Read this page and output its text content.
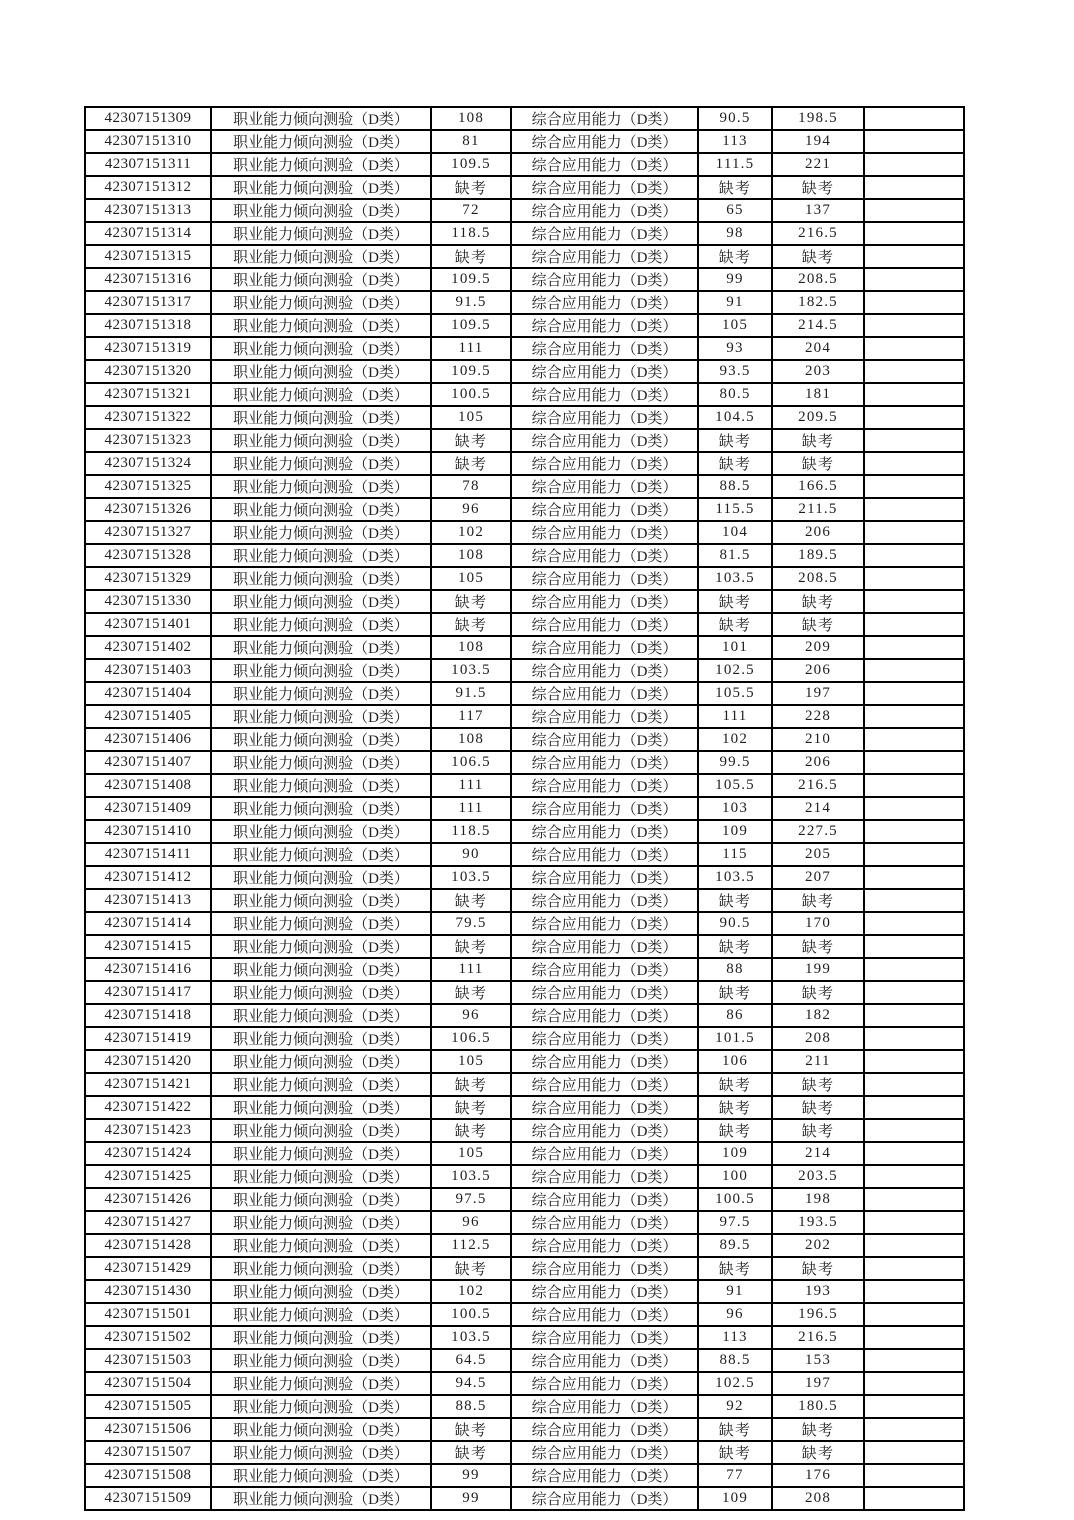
42307151309	职业能力倾向测验（D类）	108	综合应用能力（D类）	90.5	198.5	
42307151310	职业能力倾向测验（D类）	81	综合应用能力（D类）	113	194	
42307151311	职业能力倾向测验（D类）	109.5	综合应用能力（D类）	111.5	221	
42307151312	职业能力倾向测验（D类）	缺考	综合应用能力（D类）	缺考	缺考	
42307151313	职业能力倾向测验（D类）	72	综合应用能力（D类）	65	137	
42307151314	职业能力倾向测验（D类）	118.5	综合应用能力（D类）	98	216.5	
42307151315	职业能力倾向测验（D类）	缺考	综合应用能力（D类）	缺考	缺考	
42307151316	职业能力倾向测验（D类）	109.5	综合应用能力（D类）	99	208.5	
42307151317	职业能力倾向测验（D类）	91.5	综合应用能力（D类）	91	182.5	
42307151318	职业能力倾向测验（D类）	109.5	综合应用能力（D类）	105	214.5	
42307151319	职业能力倾向测验（D类）	111	综合应用能力（D类）	93	204	
42307151320	职业能力倾向测验（D类）	109.5	综合应用能力（D类）	93.5	203	
42307151321	职业能力倾向测验（D类）	100.5	综合应用能力（D类）	80.5	181	
42307151322	职业能力倾向测验（D类）	105	综合应用能力（D类）	104.5	209.5	
42307151323	职业能力倾向测验（D类）	缺考	综合应用能力（D类）	缺考	缺考	
42307151324	职业能力倾向测验（D类）	缺考	综合应用能力（D类）	缺考	缺考	
42307151325	职业能力倾向测验（D类）	78	综合应用能力（D类）	88.5	166.5	
42307151326	职业能力倾向测验（D类）	96	综合应用能力（D类）	115.5	211.5	
42307151327	职业能力倾向测验（D类）	102	综合应用能力（D类）	104	206	
42307151328	职业能力倾向测验（D类）	108	综合应用能力（D类）	81.5	189.5	
42307151329	职业能力倾向测验（D类）	105	综合应用能力（D类）	103.5	208.5	
42307151330	职业能力倾向测验（D类）	缺考	综合应用能力（D类）	缺考	缺考	
42307151401	职业能力倾向测验（D类）	缺考	综合应用能力（D类）	缺考	缺考	
42307151402	职业能力倾向测验（D类）	108	综合应用能力（D类）	101	209	
42307151403	职业能力倾向测验（D类）	103.5	综合应用能力（D类）	102.5	206	
42307151404	职业能力倾向测验（D类）	91.5	综合应用能力（D类）	105.5	197	
42307151405	职业能力倾向测验（D类）	117	综合应用能力（D类）	111	228	
42307151406	职业能力倾向测验（D类）	108	综合应用能力（D类）	102	210	
42307151407	职业能力倾向测验（D类）	106.5	综合应用能力（D类）	99.5	206	
42307151408	职业能力倾向测验（D类）	111	综合应用能力（D类）	105.5	216.5	
42307151409	职业能力倾向测验（D类）	111	综合应用能力（D类）	103	214	
42307151410	职业能力倾向测验（D类）	118.5	综合应用能力（D类）	109	227.5	
42307151411	职业能力倾向测验（D类）	90	综合应用能力（D类）	115	205	
42307151412	职业能力倾向测验（D类）	103.5	综合应用能力（D类）	103.5	207	
42307151413	职业能力倾向测验（D类）	缺考	综合应用能力（D类）	缺考	缺考	
42307151414	职业能力倾向测验（D类）	79.5	综合应用能力（D类）	90.5	170	
42307151415	职业能力倾向测验（D类）	缺考	综合应用能力（D类）	缺考	缺考	
42307151416	职业能力倾向测验（D类）	111	综合应用能力（D类）	88	199	
42307151417	职业能力倾向测验（D类）	缺考	综合应用能力（D类）	缺考	缺考	
42307151418	职业能力倾向测验（D类）	96	综合应用能力（D类）	86	182	
42307151419	职业能力倾向测验（D类）	106.5	综合应用能力（D类）	101.5	208	
42307151420	职业能力倾向测验（D类）	105	综合应用能力（D类）	106	211	
42307151421	职业能力倾向测验（D类）	缺考	综合应用能力（D类）	缺考	缺考	
42307151422	职业能力倾向测验（D类）	缺考	综合应用能力（D类）	缺考	缺考	
42307151423	职业能力倾向测验（D类）	缺考	综合应用能力（D类）	缺考	缺考	
42307151424	职业能力倾向测验（D类）	105	综合应用能力（D类）	109	214	
42307151425	职业能力倾向测验（D类）	103.5	综合应用能力（D类）	100	203.5	
42307151426	职业能力倾向测验（D类）	97.5	综合应用能力（D类）	100.5	198	
42307151427	职业能力倾向测验（D类）	96	综合应用能力（D类）	97.5	193.5	
42307151428	职业能力倾向测验（D类）	112.5	综合应用能力（D类）	89.5	202	
42307151429	职业能力倾向测验（D类）	缺考	综合应用能力（D类）	缺考	缺考	
42307151430	职业能力倾向测验（D类）	102	综合应用能力（D类）	91	193	
42307151501	职业能力倾向测验（D类）	100.5	综合应用能力（D类）	96	196.5	
42307151502	职业能力倾向测验（D类）	103.5	综合应用能力（D类）	113	216.5	
42307151503	职业能力倾向测验（D类）	64.5	综合应用能力（D类）	88.5	153	
42307151504	职业能力倾向测验（D类）	94.5	综合应用能力（D类）	102.5	197	
42307151505	职业能力倾向测验（D类）	88.5	综合应用能力（D类）	92	180.5	
42307151506	职业能力倾向测验（D类）	缺考	综合应用能力（D类）	缺考	缺考	
42307151507	职业能力倾向测验（D类）	缺考	综合应用能力（D类）	缺考	缺考	
42307151508	职业能力倾向测验（D类）	99	综合应用能力（D类）	77	176	
42307151509	职业能力倾向测验（D类）	99	综合应用能力（D类）	109	208	
